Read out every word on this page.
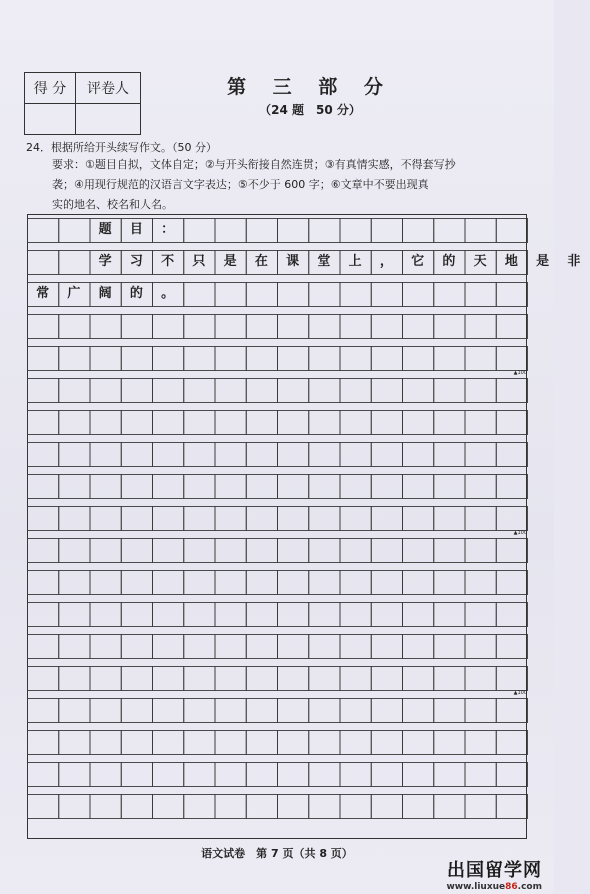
得 分	评卷人
		第 三 部 分
（24 题　50 分）
24．根据所给开头续写作文。（50 分）
要求：①题目自拟，文体自定；②与开头衔接自然连贯；③有真情实感，不得套写抄
袭；④用现行规范的汉语言文字表达；⑤不少于 600 字；⑥文章中不要出现真
实的地名、校名和人名。
题	目	：
学	习	不	只	是	在	课	堂	上	，	它	的	天	地	是	非
常	广	阔	的	。
▲100
▲100
▲100
语文试卷　第 7 页（共 8 页）
出国留学网
www.liuxue86.com
